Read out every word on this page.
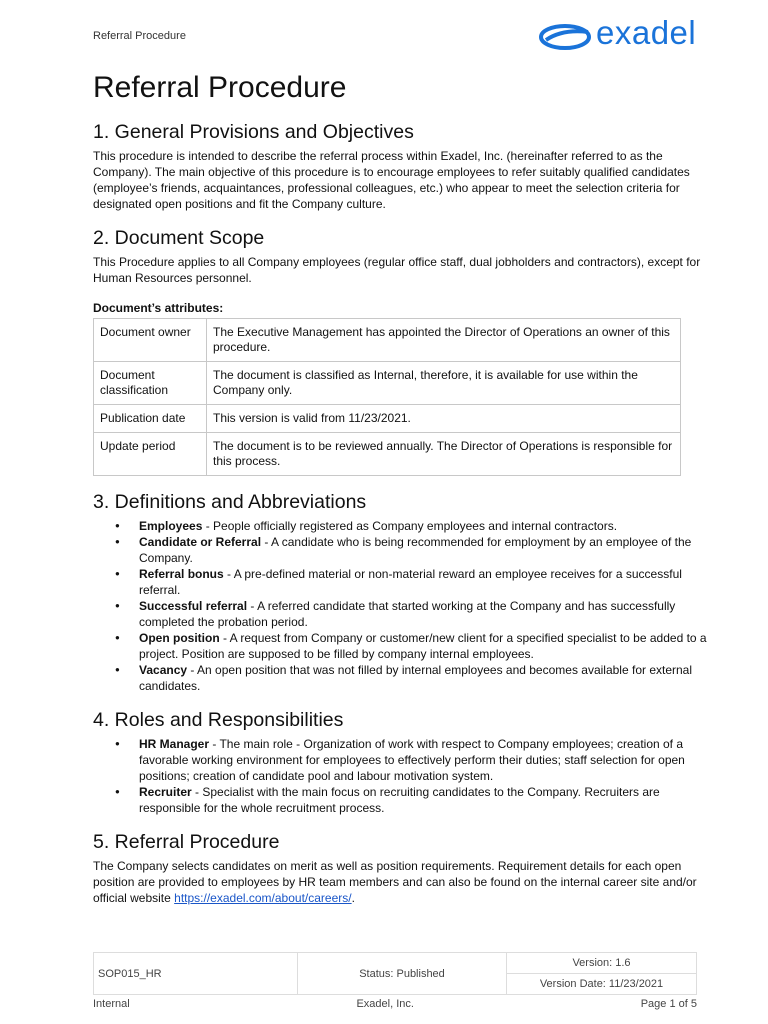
Referral Procedure	exadel
Referral Procedure
1. General Provisions and Objectives

This procedure is intended to describe the referral process within Exadel, Inc. (hereinafter referred to as the Company). The main objective of this procedure is to encourage employees to refer suitably qualified candidates (employee’s friends, acquaintances, professional colleagues, etc.) who appear to meet the selection criteria for designated open positions and fit the Company culture.

2. Document Scope

This Procedure applies to all Company employees (regular office staff, dual jobholders and contractors), except for Human Resources personnel.

Document’s attributes:
Document owner	The Executive Management has appointed the Director of Operations an owner of this procedure.
Document classification	The document is classified as Internal, therefore, it is available for use within the Company only.
Publication date	This version is valid from 11/23/2021.
Update period	The document is to be reviewed annually. The Director of Operations is responsible for this process.
3. Definitions and Abbreviations
● Employees - People officially registered as Company employees and internal contractors.
● Candidate or Referral - A candidate who is being recommended for employment by an employee of the Company.
● Referral bonus - A pre-defined material or non-material reward an employee receives for a successful referral.
● Successful referral - A referred candidate that started working at the Company and has successfully completed the probation period.
● Open position - A request from Company or customer/new client for a specified specialist to be added to a project. Position are supposed to be filled by company internal employees.
● Vacancy - An open position that was not filled by internal employees and becomes available for external candidates.
4. Roles and Responsibilities
● HR Manager - The main role - Organization of work with respect to Company employees; creation of a favorable working environment for employees to effectively perform their duties; staff selection for open positions; creation of candidate pool and labour motivation system.
● Recruiter - Specialist with the main focus on recruiting candidates to the Company. Recruiters are responsible for the whole recruitment process.
5. Referral Procedure

The Company selects candidates on merit as well as position requirements. Requirement details for each open position are provided to employees by HR team members and can also be found on the internal career site and/or official website https://exadel.com/about/careers/.

SOP015_HR	Status: Published	Version: 1.6
Version Date: 11/23/2021
Internal	Exadel, Inc.	Page 1 of 5
